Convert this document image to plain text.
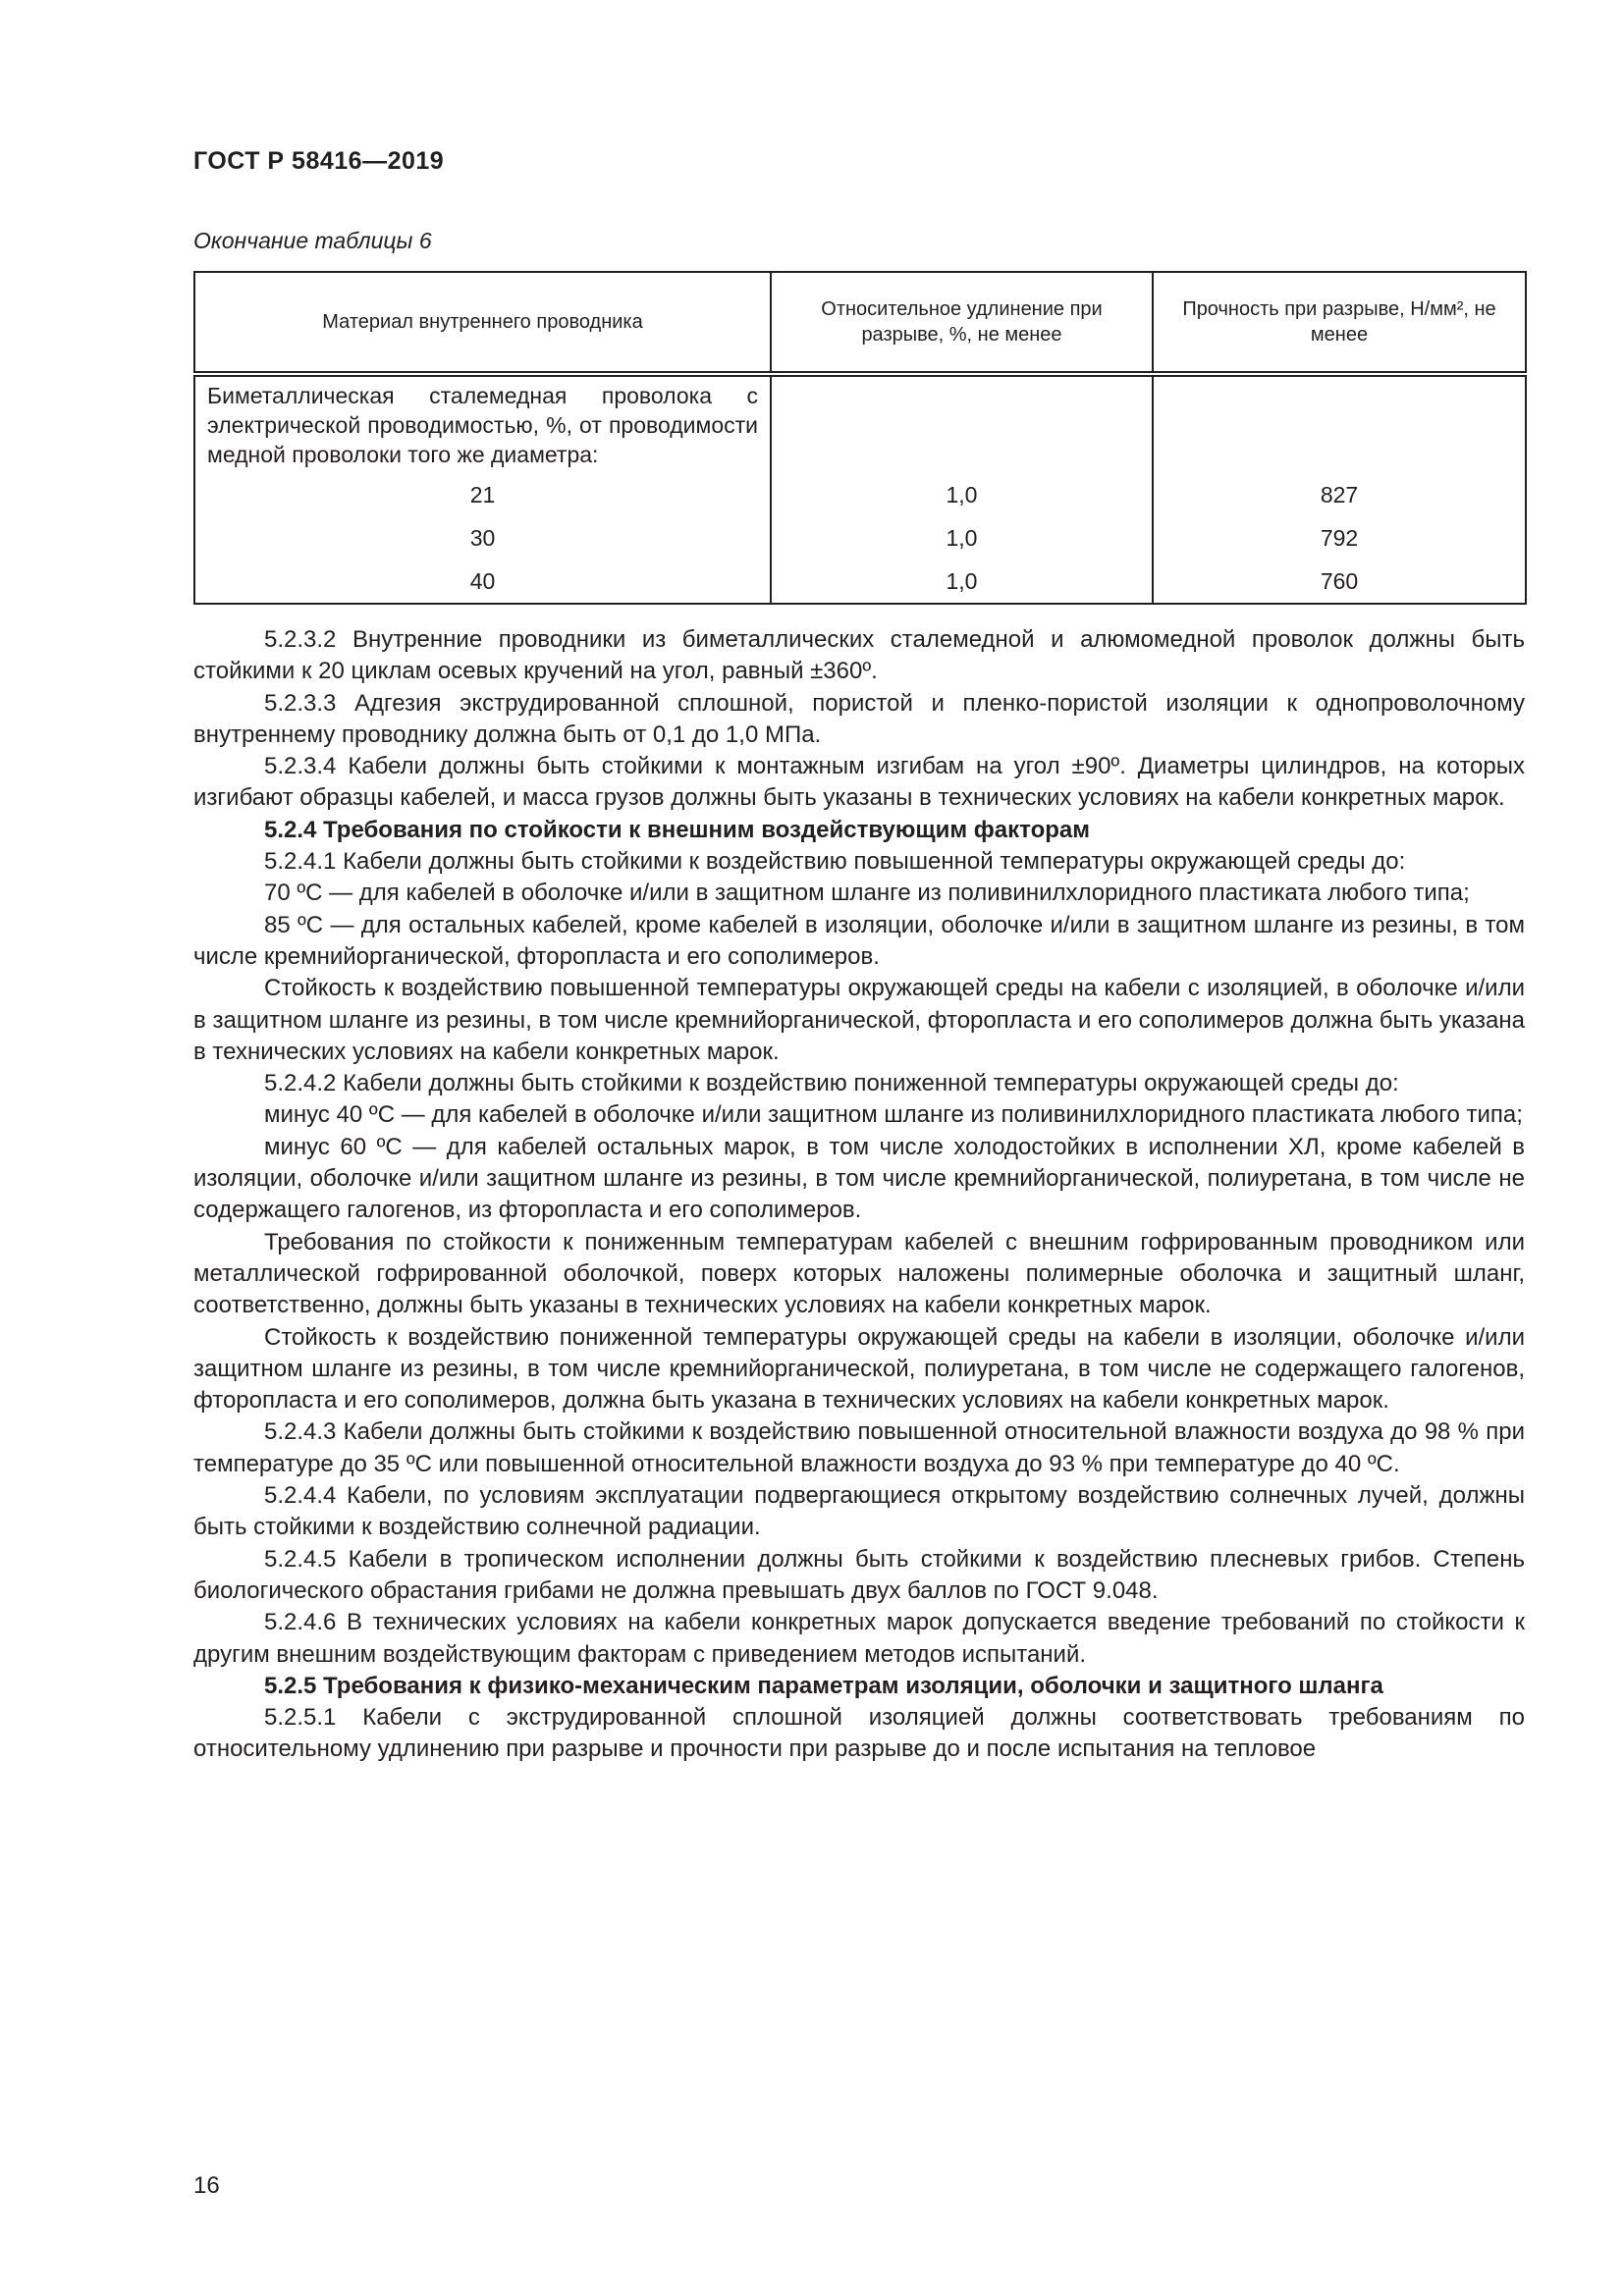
ГОСТ Р 58416—2019
Окончание таблицы 6
Материал внутреннего проводника	Относительное удлинение при разрыве, %, не менее	Прочность при разрыве, Н/мм², не менее
Биметаллическая сталемедная проволока с электрической проводимостью, %, от проводимости медной проволоки того же диаметра:		
21	1,0	827
30	1,0	792
40	1,0	760

5.2.3.2 Внутренние проводники из биметаллических сталемедной и алюмомедной проволок должны быть стойкими к 20 циклам осевых кручений на угол, равный ±360º.

5.2.3.3 Адгезия экструдированной сплошной, пористой и пленко-пористой изоляции к однопроволочному внутреннему проводнику должна быть от 0,1 до 1,0 МПа.

5.2.3.4 Кабели должны быть стойкими к монтажным изгибам на угол ±90º. Диаметры цилиндров, на которых изгибают образцы кабелей, и масса грузов должны быть указаны в технических условиях на кабели конкретных марок.

5.2.4 Требования по стойкости к внешним воздействующим факторам

5.2.4.1 Кабели должны быть стойкими к воздействию повышенной температуры окружающей среды до:

70 ºС — для кабелей в оболочке и/или в защитном шланге из поливинилхлоридного пластиката любого типа;

85 ºС — для остальных кабелей, кроме кабелей в изоляции, оболочке и/или в защитном шланге из резины, в том числе кремнийорганической, фторопласта и его сополимеров.

Стойкость к воздействию повышенной температуры окружающей среды на кабели с изоляцией, в оболочке и/или в защитном шланге из резины, в том числе кремнийорганической, фторопласта и его сополимеров должна быть указана в технических условиях на кабели конкретных марок.

5.2.4.2 Кабели должны быть стойкими к воздействию пониженной температуры окружающей среды до:

минус 40 ºС — для кабелей в оболочке и/или защитном шланге из поливинилхлоридного пластиката любого типа;

минус 60 ºС — для кабелей остальных марок, в том числе холодостойких в исполнении ХЛ, кроме кабелей в изоляции, оболочке и/или защитном шланге из резины, в том числе кремнийорганической, полиуретана, в том числе не содержащего галогенов, из фторопласта и его сополимеров.

Требования по стойкости к пониженным температурам кабелей с внешним гофрированным проводником или металлической гофрированной оболочкой, поверх которых наложены полимерные оболочка и защитный шланг, соответственно, должны быть указаны в технических условиях на кабели конкретных марок.

Стойкость к воздействию пониженной температуры окружающей среды на кабели в изоляции, оболочке и/или защитном шланге из резины, в том числе кремнийорганической, полиуретана, в том числе не содержащего галогенов, фторопласта и его сополимеров, должна быть указана в технических условиях на кабели конкретных марок.

5.2.4.3 Кабели должны быть стойкими к воздействию повышенной относительной влажности воздуха до 98 % при температуре до 35 ºС или повышенной относительной влажности воздуха до 93 % при температуре до 40 ºС.

5.2.4.4 Кабели, по условиям эксплуатации подвергающиеся открытому воздействию солнечных лучей, должны быть стойкими к воздействию солнечной радиации.

5.2.4.5 Кабели в тропическом исполнении должны быть стойкими к воздействию плесневых грибов. Степень биологического обрастания грибами не должна превышать двух баллов по ГОСТ 9.048.

5.2.4.6 В технических условиях на кабели конкретных марок допускается введение требований по стойкости к другим внешним воздействующим факторам с приведением методов испытаний.

5.2.5 Требования к физико-механическим параметрам изоляции, оболочки и защитного шланга

5.2.5.1 Кабели с экструдированной сплошной изоляцией должны соответствовать требованиям по относительному удлинению при разрыве и прочности при разрыве до и после испытания на тепловое

16
